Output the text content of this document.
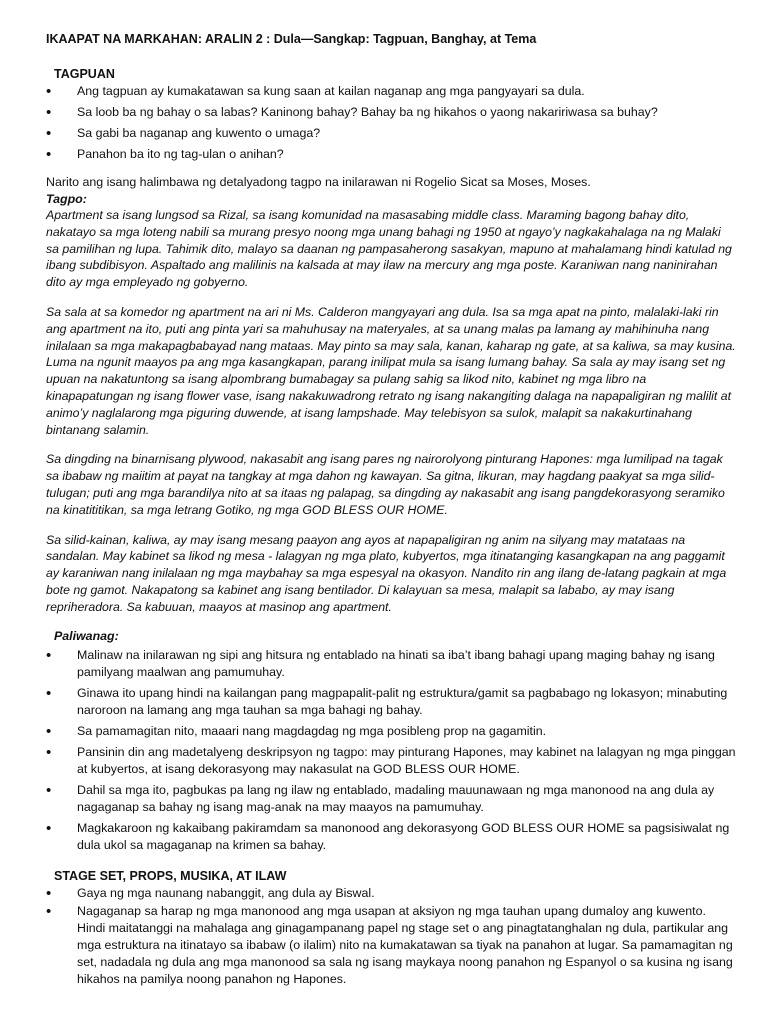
IKAAPAT NA MARKAHAN: ARALIN 2 : Dula—Sangkap: Tagpuan, Banghay, at Tema
TAGPUAN
• Ang tagpuan ay kumakatawan sa kung saan at kailan naganap ang mga pangyayari sa dula.
• Sa loob ba ng bahay o sa labas? Kaninong bahay? Bahay ba ng hikahos o yaong nakaririwasa sa buhay?
• Sa gabi ba naganap ang kuwento o umaga?
• Panahon ba ito ng tag-ulan o anihan?

Narito ang isang halimbawa ng detalyadong tagpo na inilarawan ni Rogelio Sicat sa Moses, Moses.

Tagpo:

Apartment sa isang lungsod sa Rizal, sa isang komunidad na masasabing middle class. Maraming bagong bahay dito, nakatayo sa mga loteng nabili sa murang presyo noong mga unang bahagi ng 1950 at ngayo’y nagkakahalaga na ng Malaki sa pamilihan ng lupa. Tahimik dito, malayo sa daanan ng pampasaherong sasakyan, mapuno at mahalamang hindi katulad ng ibang subdibisyon. Aspaltado ang malilinis na kalsada at may ilaw na mercury ang mga poste. Karaniwan nang naninirahan dito ay mga empleyado ng gobyerno.

Sa sala at sa komedor ng apartment na ari ni Ms. Calderon mangyayari ang dula. Isa sa mga apat na pinto, malalaki-laki rin ang apartment na ito, puti ang pinta yari sa mahuhusay na materyales, at sa unang malas pa lamang ay mahihinuha nang inilalaan sa mga makapagbabayad nang mataas. May pinto sa may sala, kanan, kaharap ng gate, at sa kaliwa, sa may kusina. Luma na ngunit maayos pa ang mga kasangkapan, parang inilipat mula sa isang lumang bahay. Sa sala ay may isang set ng upuan na nakatuntong sa isang alpombrang bumabagay sa pulang sahig sa likod nito, kabinet ng mga libro na kinapapatungan ng isang flower vase, isang nakakuwadrong retrato ng isang nakangiting dalaga na napapaligiran ng malilit at animo’y naglalarong mga piguring duwende, at isang lampshade. May telebisyon sa sulok, malapit sa nakakurtinahang bintanang salamin.

Sa dingding na binarnisang plywood, nakasabit ang isang pares ng nairorolyong pinturang Hapones: mga lumilipad na tagak sa ibabaw ng maiitim at payat na tangkay at mga dahon ng kawayan. Sa gitna, likuran, may hagdang paakyat sa mga silid-tulugan; puti ang mga barandilya nito at sa itaas ng palapag, sa dingding ay nakasabit ang isang pangdekorasyong seramiko na kinatititikan, sa mga letrang Gotiko, ng mga GOD BLESS OUR HOME.

Sa silid-kainan, kaliwa, ay may isang mesang paayon ang ayos at napapaligiran ng anim na silyang may matataas na sandalan. May kabinet sa likod ng mesa - lalagyan ng mga plato, kubyertos, mga itinatanging kasangkapan na ang paggamit ay karaniwan nang inilalaan ng mga maybahay sa mga espesyal na okasyon. Nandito rin ang ilang de-latang pagkain at mga bote ng gamot. Nakapatong sa kabinet ang isang bentilador. Di kalayuan sa mesa, malapit sa lababo, ay may isang repriheradora. Sa kabuuan, maayos at masinop ang apartment.

Paliwanag:

• Malinaw na inilarawan ng sipi ang hitsura ng entablado na hinati sa iba’t ibang bahagi upang maging bahay ng isang pamilyang maalwan ang pamumuhay.
• Ginawa ito upang hindi na kailangan pang magpapalit-palit ng estruktura/gamit sa pagbabago ng lokasyon; minabuting naroroon na lamang ang mga tauhan sa mga bahagi ng bahay.
• Sa pamamagitan nito, maaari nang magdagdag ng mga posibleng prop na gagamitin.
• Pansinin din ang madetalyeng deskripsyon ng tagpo: may pinturang Hapones, may kabinet na lalagyan ng mga pinggan at kubyertos, at isang dekorasyong may nakasulat na GOD BLESS OUR HOME.
• Dahil sa mga ito, pagbukas pa lang ng ilaw ng entablado, madaling mauunawaan ng mga manonood na ang dula ay nagaganap sa bahay ng isang mag-anak na may maayos na pamumuhay.
• Magkakaroon ng kakaibang pakiramdam sa manonood ang dekorasyong GOD BLESS OUR HOME sa pagsisiwalat ng dula ukol sa magaganap na krimen sa bahay.
STAGE SET, PROPS, MUSIKA, AT ILAW
• Gaya ng mga naunang nabanggit, ang dula ay Biswal.
• Nagaganap sa harap ng mga manonood ang mga usapan at aksiyon ng mga tauhan upang dumaloy ang kuwento. Hindi maitatanggi na mahalaga ang ginagampanang papel ng stage set o ang pinagtatanghalan ng dula, partikular ang mga estruktura na itinatayo sa ibabaw (o ilalim) nito na kumakatawan sa tiyak na panahon at lugar. Sa pamamagitan ng set, nadadala ng dula ang mga manonood sa sala ng isang maykaya noong panahon ng Espanyol o sa kusina ng isang hikahos na pamilya noong panahon ng Hapones.
